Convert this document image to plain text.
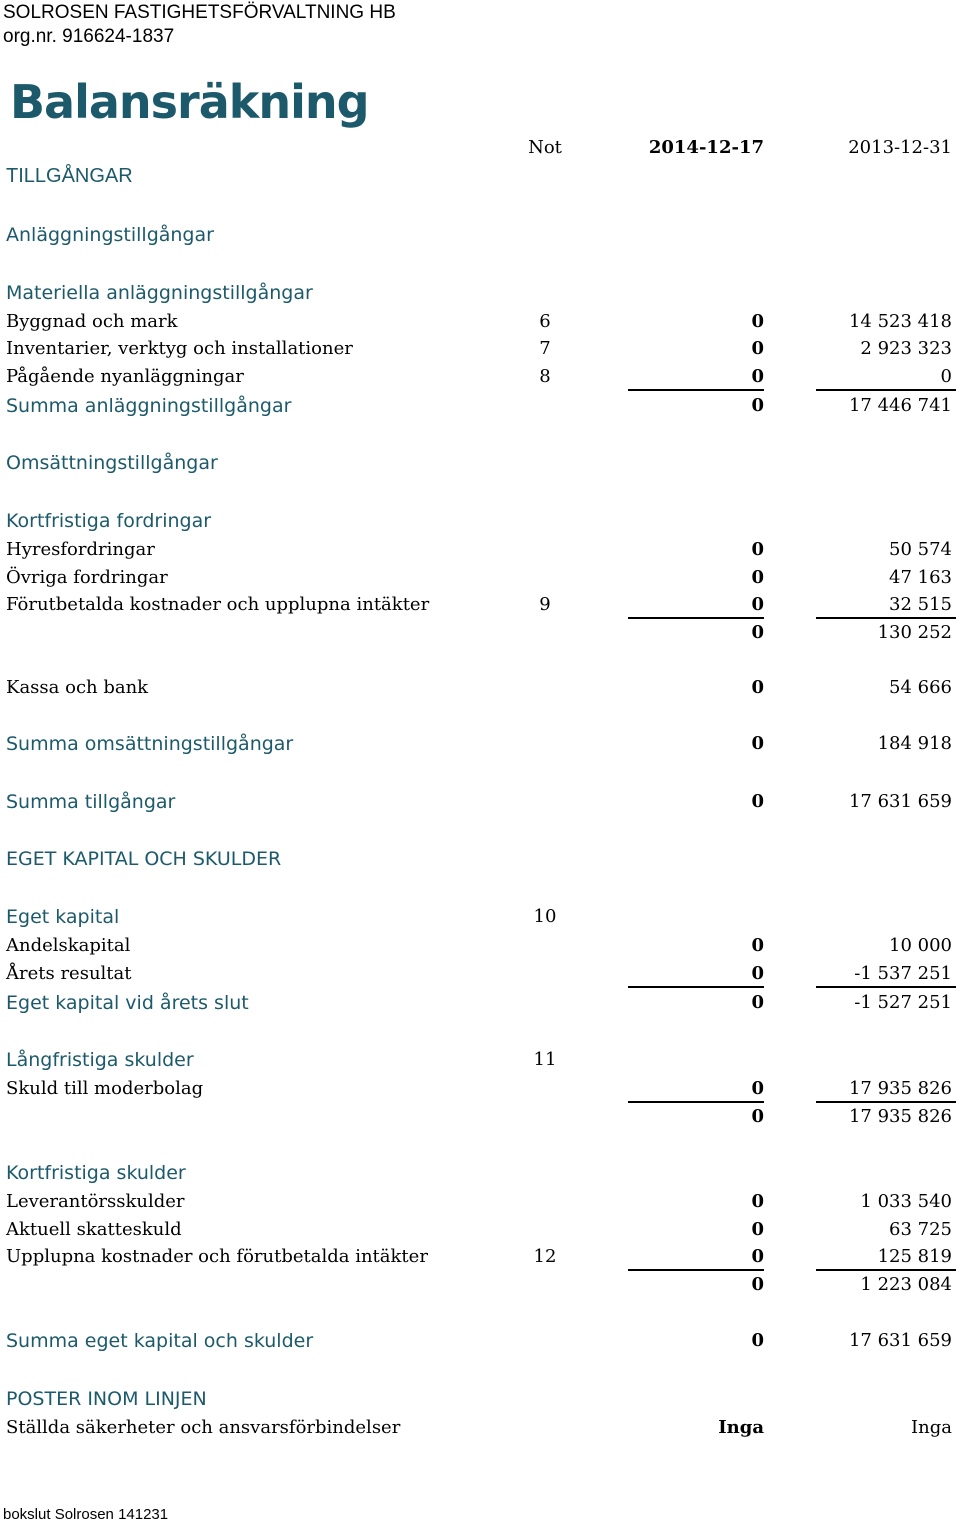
SOLROSEN FASTIGHETSFÖRVALTNING HB
org.nr. 916624-1837
Balansräkning
Not	2014-12-17	2013-12-31
TILLGÅNGAR
Anläggningstillgångar
Materiella anläggningstillgångar
Byggnad och mark	6	0	14 523 418
Inventarier, verktyg och installationer	7	0	2 923 323
Pågående nyanläggningar	8	0	0
Summa anläggningstillgångar	0	17 446 741
Omsättningstillgångar
Kortfristiga fordringar
Hyresfordringar	0	50 574
Övriga fordringar	0	47 163
Förutbetalda kostnader och upplupna intäkter	9	0	32 515
0	130 252
Kassa och bank	0	54 666
Summa omsättningstillgångar	0	184 918
Summa tillgångar	0	17 631 659
EGET KAPITAL OCH SKULDER
Eget kapital	10
Andelskapital	0	10 000
Årets resultat	0	-1 537 251
Eget kapital vid årets slut	0	-1 527 251
Långfristiga skulder	11
Skuld till moderbolag	0	17 935 826
0	17 935 826
Kortfristiga skulder
Leverantörsskulder	0	1 033 540
Aktuell skatteskuld	0	63 725
Upplupna kostnader och förutbetalda intäkter	12	0	125 819
0	1 223 084
Summa eget kapital och skulder	0	17 631 659
POSTER INOM LINJEN
Ställda säkerheter och ansvarsförbindelser	Inga	Inga
bokslut Solrosen 141231
